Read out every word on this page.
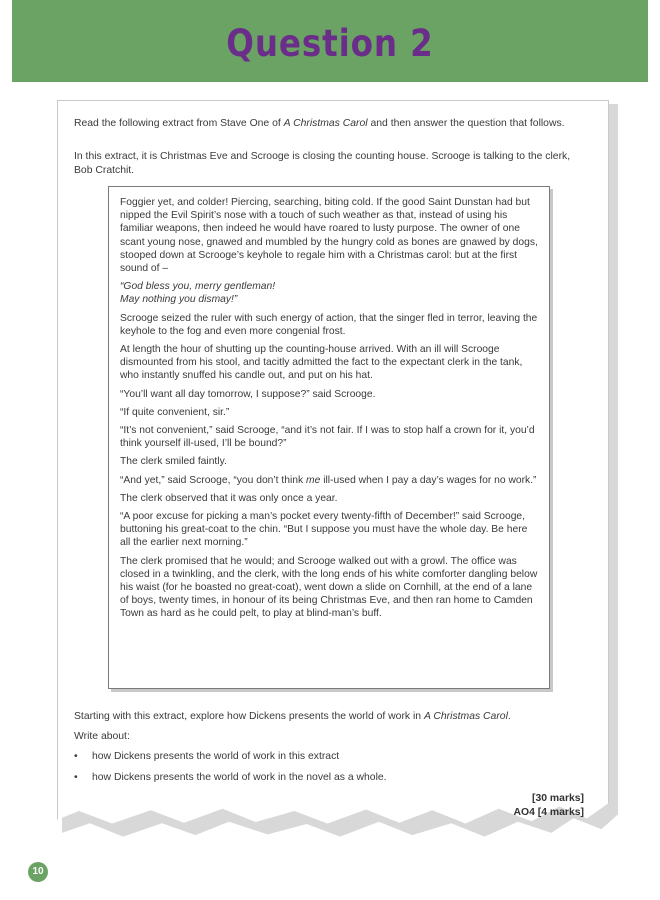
Question 2

Read the following extract from Stave One of A Christmas Carol and then answer the question that follows.

In this extract, it is Christmas Eve and Scrooge is closing the counting house. Scrooge is talking to the clerk, Bob Cratchit.

Foggier yet, and colder! Piercing, searching, biting cold. If the good Saint Dunstan had but nipped the Evil Spirit’s nose with a touch of such weather as that, instead of using his familiar weapons, then indeed he would have roared to lusty purpose. The owner of one scant young nose, gnawed and mumbled by the hungry cold as bones are gnawed by dogs, stooped down at Scrooge’s keyhole to regale him with a Christmas carol: but at the first sound of –

“God bless you, merry gentleman!
May nothing you dismay!”

Scrooge seized the ruler with such energy of action, that the singer fled in terror, leaving the keyhole to the fog and even more congenial frost.

At length the hour of shutting up the counting-house arrived. With an ill will Scrooge dismounted from his stool, and tacitly admitted the fact to the expectant clerk in the tank, who instantly snuffed his candle out, and put on his hat.

“You’ll want all day tomorrow, I suppose?” said Scrooge.

“If quite convenient, sir.”

“It’s not convenient,” said Scrooge, “and it’s not fair. If I was to stop half a crown for it, you’d think yourself ill-used, I’ll be bound?”

The clerk smiled faintly.

“And yet,” said Scrooge, “you don’t think me ill-used when I pay a day’s wages for no work.”

The clerk observed that it was only once a year.

“A poor excuse for picking a man’s pocket every twenty-fifth of December!” said Scrooge, buttoning his great-coat to the chin. “But I suppose you must have the whole day. Be here all the earlier next morning.”

The clerk promised that he would; and Scrooge walked out with a growl. The office was closed in a twinkling, and the clerk, with the long ends of his white comforter dangling below his waist (for he boasted no great-coat), went down a slide on Cornhill, at the end of a lane of boys, twenty times, in honour of its being Christmas Eve, and then ran home to Camden Town as hard as he could pelt, to play at blind-man’s buff.

Starting with this extract, explore how Dickens presents the world of work in A Christmas Carol.

Write about:

• how Dickens presents the world of work in this extract
• how Dickens presents the world of work in the novel as a whole.
[30 marks]
AO4 [4 marks]
10
